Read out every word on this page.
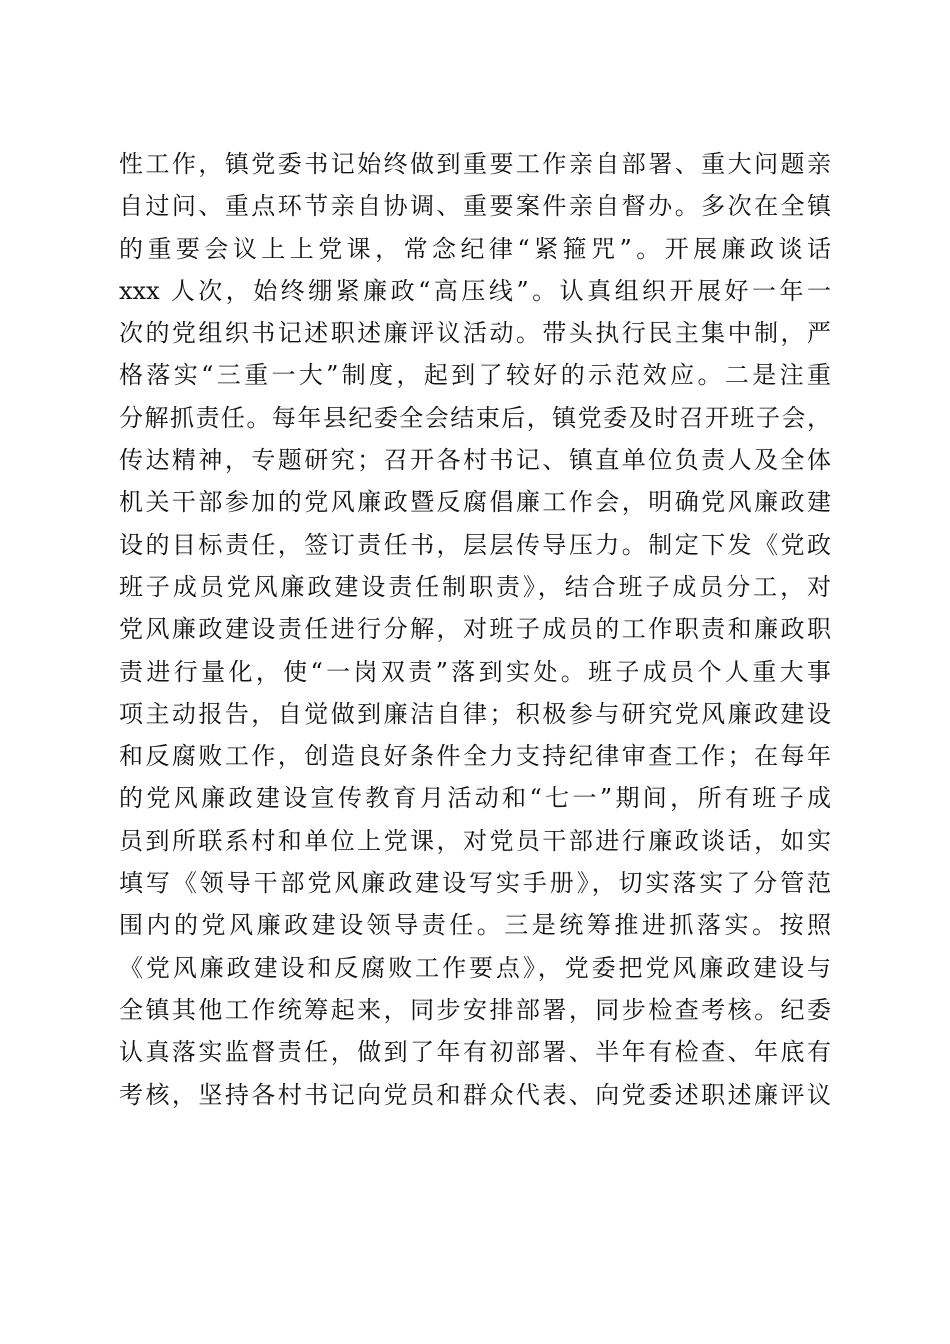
性工作，镇党委书记始终做到重要工作亲自部署、重大问题亲
自过问、重点环节亲自协调、重要案件亲自督办。多次在全镇
的重要会议上上党课，常念纪律“紧箍咒”。开展廉政谈话
xxx 人次，始终绷紧廉政“高压线”。认真组织开展好一年一
次的党组织书记述职述廉评议活动。带头执行民主集中制，严
格落实“三重一大”制度，起到了较好的示范效应。二是注重
分解抓责任。每年县纪委全会结束后，镇党委及时召开班子会，
传达精神，专题研究；召开各村书记、镇直单位负责人及全体
机关干部参加的党风廉政暨反腐倡廉工作会，明确党风廉政建
设的目标责任，签订责任书，层层传导压力。制定下发《党政
班子成员党风廉政建设责任制职责》，结合班子成员分工，对
党风廉政建设责任进行分解，对班子成员的工作职责和廉政职
责进行量化，使“一岗双责”落到实处。班子成员个人重大事
项主动报告，自觉做到廉洁自律；积极参与研究党风廉政建设
和反腐败工作，创造良好条件全力支持纪律审查工作；在每年
的党风廉政建设宣传教育月活动和“七一”期间，所有班子成
员到所联系村和单位上党课，对党员干部进行廉政谈话，如实
填写《领导干部党风廉政建设写实手册》，切实落实了分管范
围内的党风廉政建设领导责任。三是统筹推进抓落实。按照
《党风廉政建设和反腐败工作要点》，党委把党风廉政建设与
全镇其他工作统筹起来，同步安排部署，同步检查考核。纪委
认真落实监督责任，做到了年有初部署、半年有检查、年底有
考核，坚持各村书记向党员和群众代表、向党委述职述廉评议
